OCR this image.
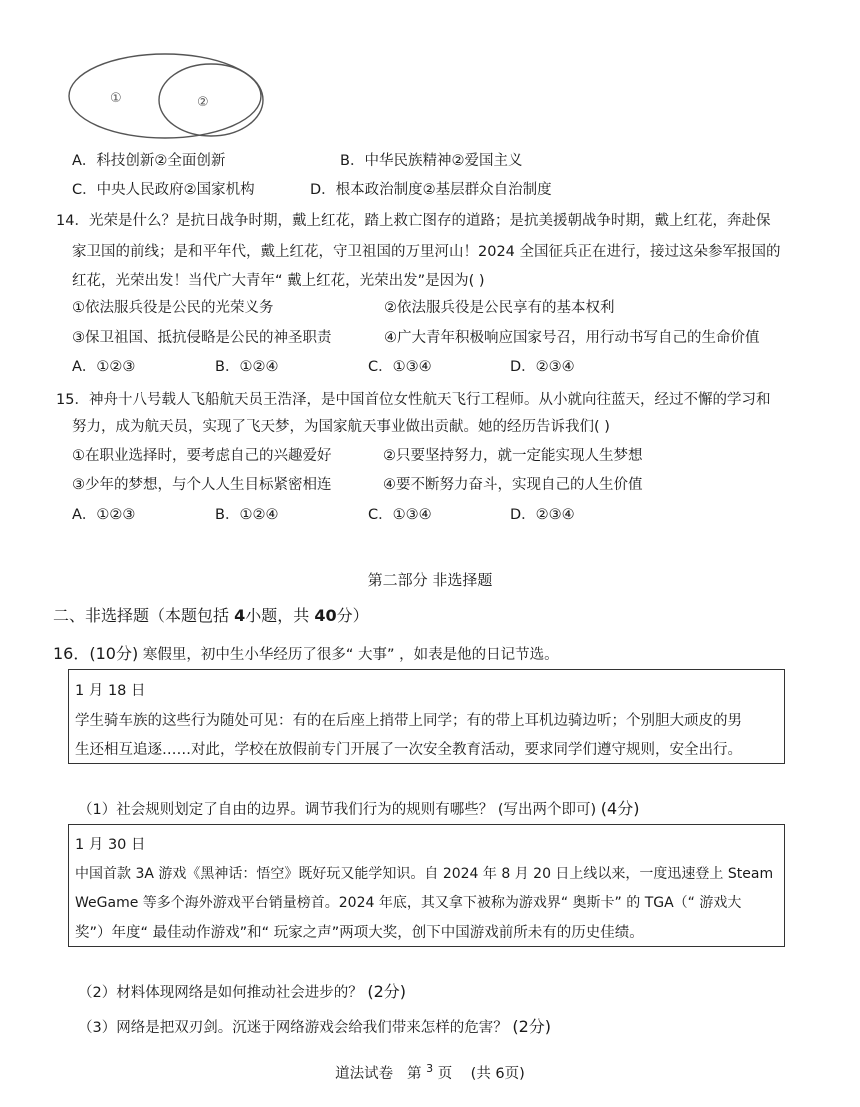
①	②
A．科技创新②全面创新	B．中华民族精神②爱国主义
C．中央人民政府②国家机构	D．根本政治制度②基层群众自治制度
14．光荣是什么？是抗日战争时期，戴上红花，踏上救亡图存的道路；是抗美援朝战争时期，戴上红花，奔赴保
家卫国的前线；是和平年代，戴上红花，守卫祖国的万里河山！2024 全国征兵正在进行，接过这朵参军报国的
红花，光荣出发！当代广大青年“ 戴上红花，光荣出发”是因为( )
①依法服兵役是公民的光荣义务	②依法服兵役是公民享有的基本权利
③保卫祖国、抵抗侵略是公民的神圣职责	④广大青年积极响应国家号召，用行动书写自己的生命价值
A．①②③	B．①②④	C．①③④	D．②③④
15．神舟十八号载人飞船航天员王浩泽，是中国首位女性航天飞行工程师。从小就向往蓝天，经过不懈的学习和
努力，成为航天员，实现了飞天梦，为国家航天事业做出贡献。她的经历告诉我们( )
①在职业选择时，要考虑自己的兴趣爱好	②只要坚持努力，就一定能实现人生梦想
③少年的梦想，与个人人生目标紧密相连	④要不断努力奋斗，实现自己的人生价值
A．①②③	B．①②④	C．①③④	D．②③④
第二部分 非选择题
二、非选择题（本题包括 4小题，共 40分）
16．(10分) 寒假里，初中生小华经历了很多“ 大事” ，如表是他的日记节选。
1 月 18 日
学生骑车族的这些行为随处可见：有的在后座上捎带上同学；有的带上耳机边骑边听；个别胆大顽皮的男
生还相互追逐……对此，学校在放假前专门开展了一次安全教育活动，要求同学们遵守规则，安全出行。
（1）社会规则划定了自由的边界。调节我们行为的规则有哪些？ (写出两个即可) (4分)
1 月 30 日
中国首款 3A 游戏《黑神话：悟空》既好玩又能学知识。自 2024 年 8 月 20 日上线以来，一度迅速登上 Steam
WeGame 等多个海外游戏平台销量榜首。2024 年底，其又拿下被称为游戏界“ 奥斯卡” 的 TGA（“ 游戏大
奖”）年度“ 最佳动作游戏”和“ 玩家之声”两项大奖，创下中国游戏前所未有的历史佳绩。
（2）材料体现网络是如何推动社会进步的？ (2分)
（3）网络是把双刃剑。沉迷于网络游戏会给我们带来怎样的危害？ (2分)
道法试卷 第 $^3$ 页 (共 6页)
